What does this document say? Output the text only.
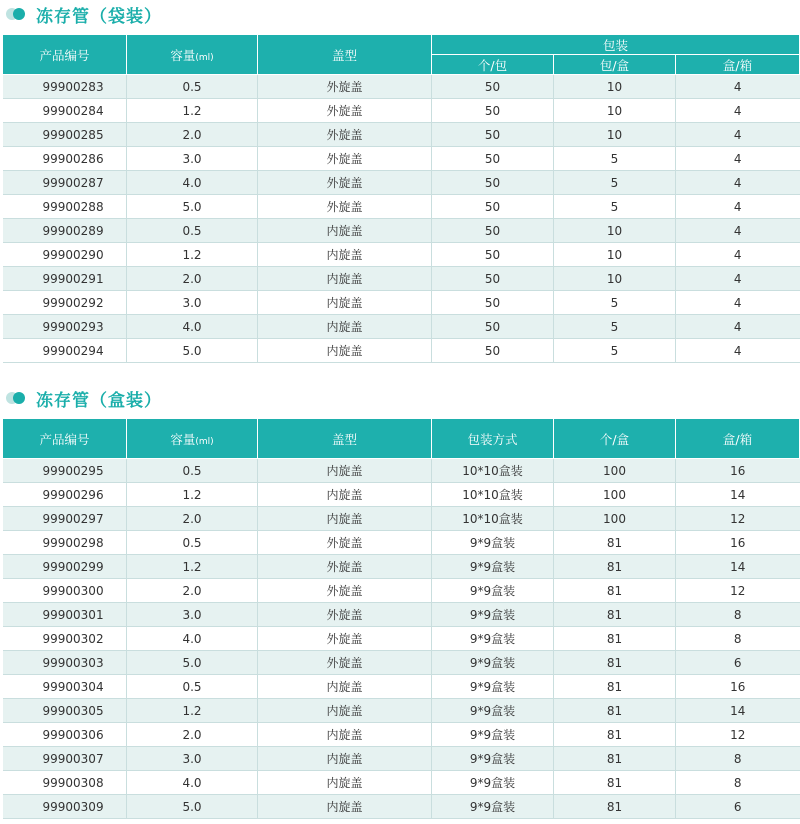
冻存管（袋装）
产品编号	容量(ml)	盖型	包装		
			个/包	包/盒	盒/箱
99900283	0.5	外旋盖	50	10	4
99900284	1.2	外旋盖	50	10	4
99900285	2.0	外旋盖	50	10	4
99900286	3.0	外旋盖	50	5	4
99900287	4.0	外旋盖	50	5	4
99900288	5.0	外旋盖	50	5	4
99900289	0.5	内旋盖	50	10	4
99900290	1.2	内旋盖	50	10	4
99900291	2.0	内旋盖	50	10	4
99900292	3.0	内旋盖	50	5	4
99900293	4.0	内旋盖	50	5	4
99900294	5.0	内旋盖	50	5	4
冻存管（盒装）
产品编号	容量(ml)	盖型	包装方式	个/盒	盒/箱
99900295	0.5	内旋盖	10*10盒装	100	16
99900296	1.2	内旋盖	10*10盒装	100	14
99900297	2.0	内旋盖	10*10盒装	100	12
99900298	0.5	外旋盖	9*9盒装	81	16
99900299	1.2	外旋盖	9*9盒装	81	14
99900300	2.0	外旋盖	9*9盒装	81	12
99900301	3.0	外旋盖	9*9盒装	81	8
99900302	4.0	外旋盖	9*9盒装	81	8
99900303	5.0	外旋盖	9*9盒装	81	6
99900304	0.5	内旋盖	9*9盒装	81	16
99900305	1.2	内旋盖	9*9盒装	81	14
99900306	2.0	内旋盖	9*9盒装	81	12
99900307	3.0	内旋盖	9*9盒装	81	8
99900308	4.0	内旋盖	9*9盒装	81	8
99900309	5.0	内旋盖	9*9盒装	81	6
